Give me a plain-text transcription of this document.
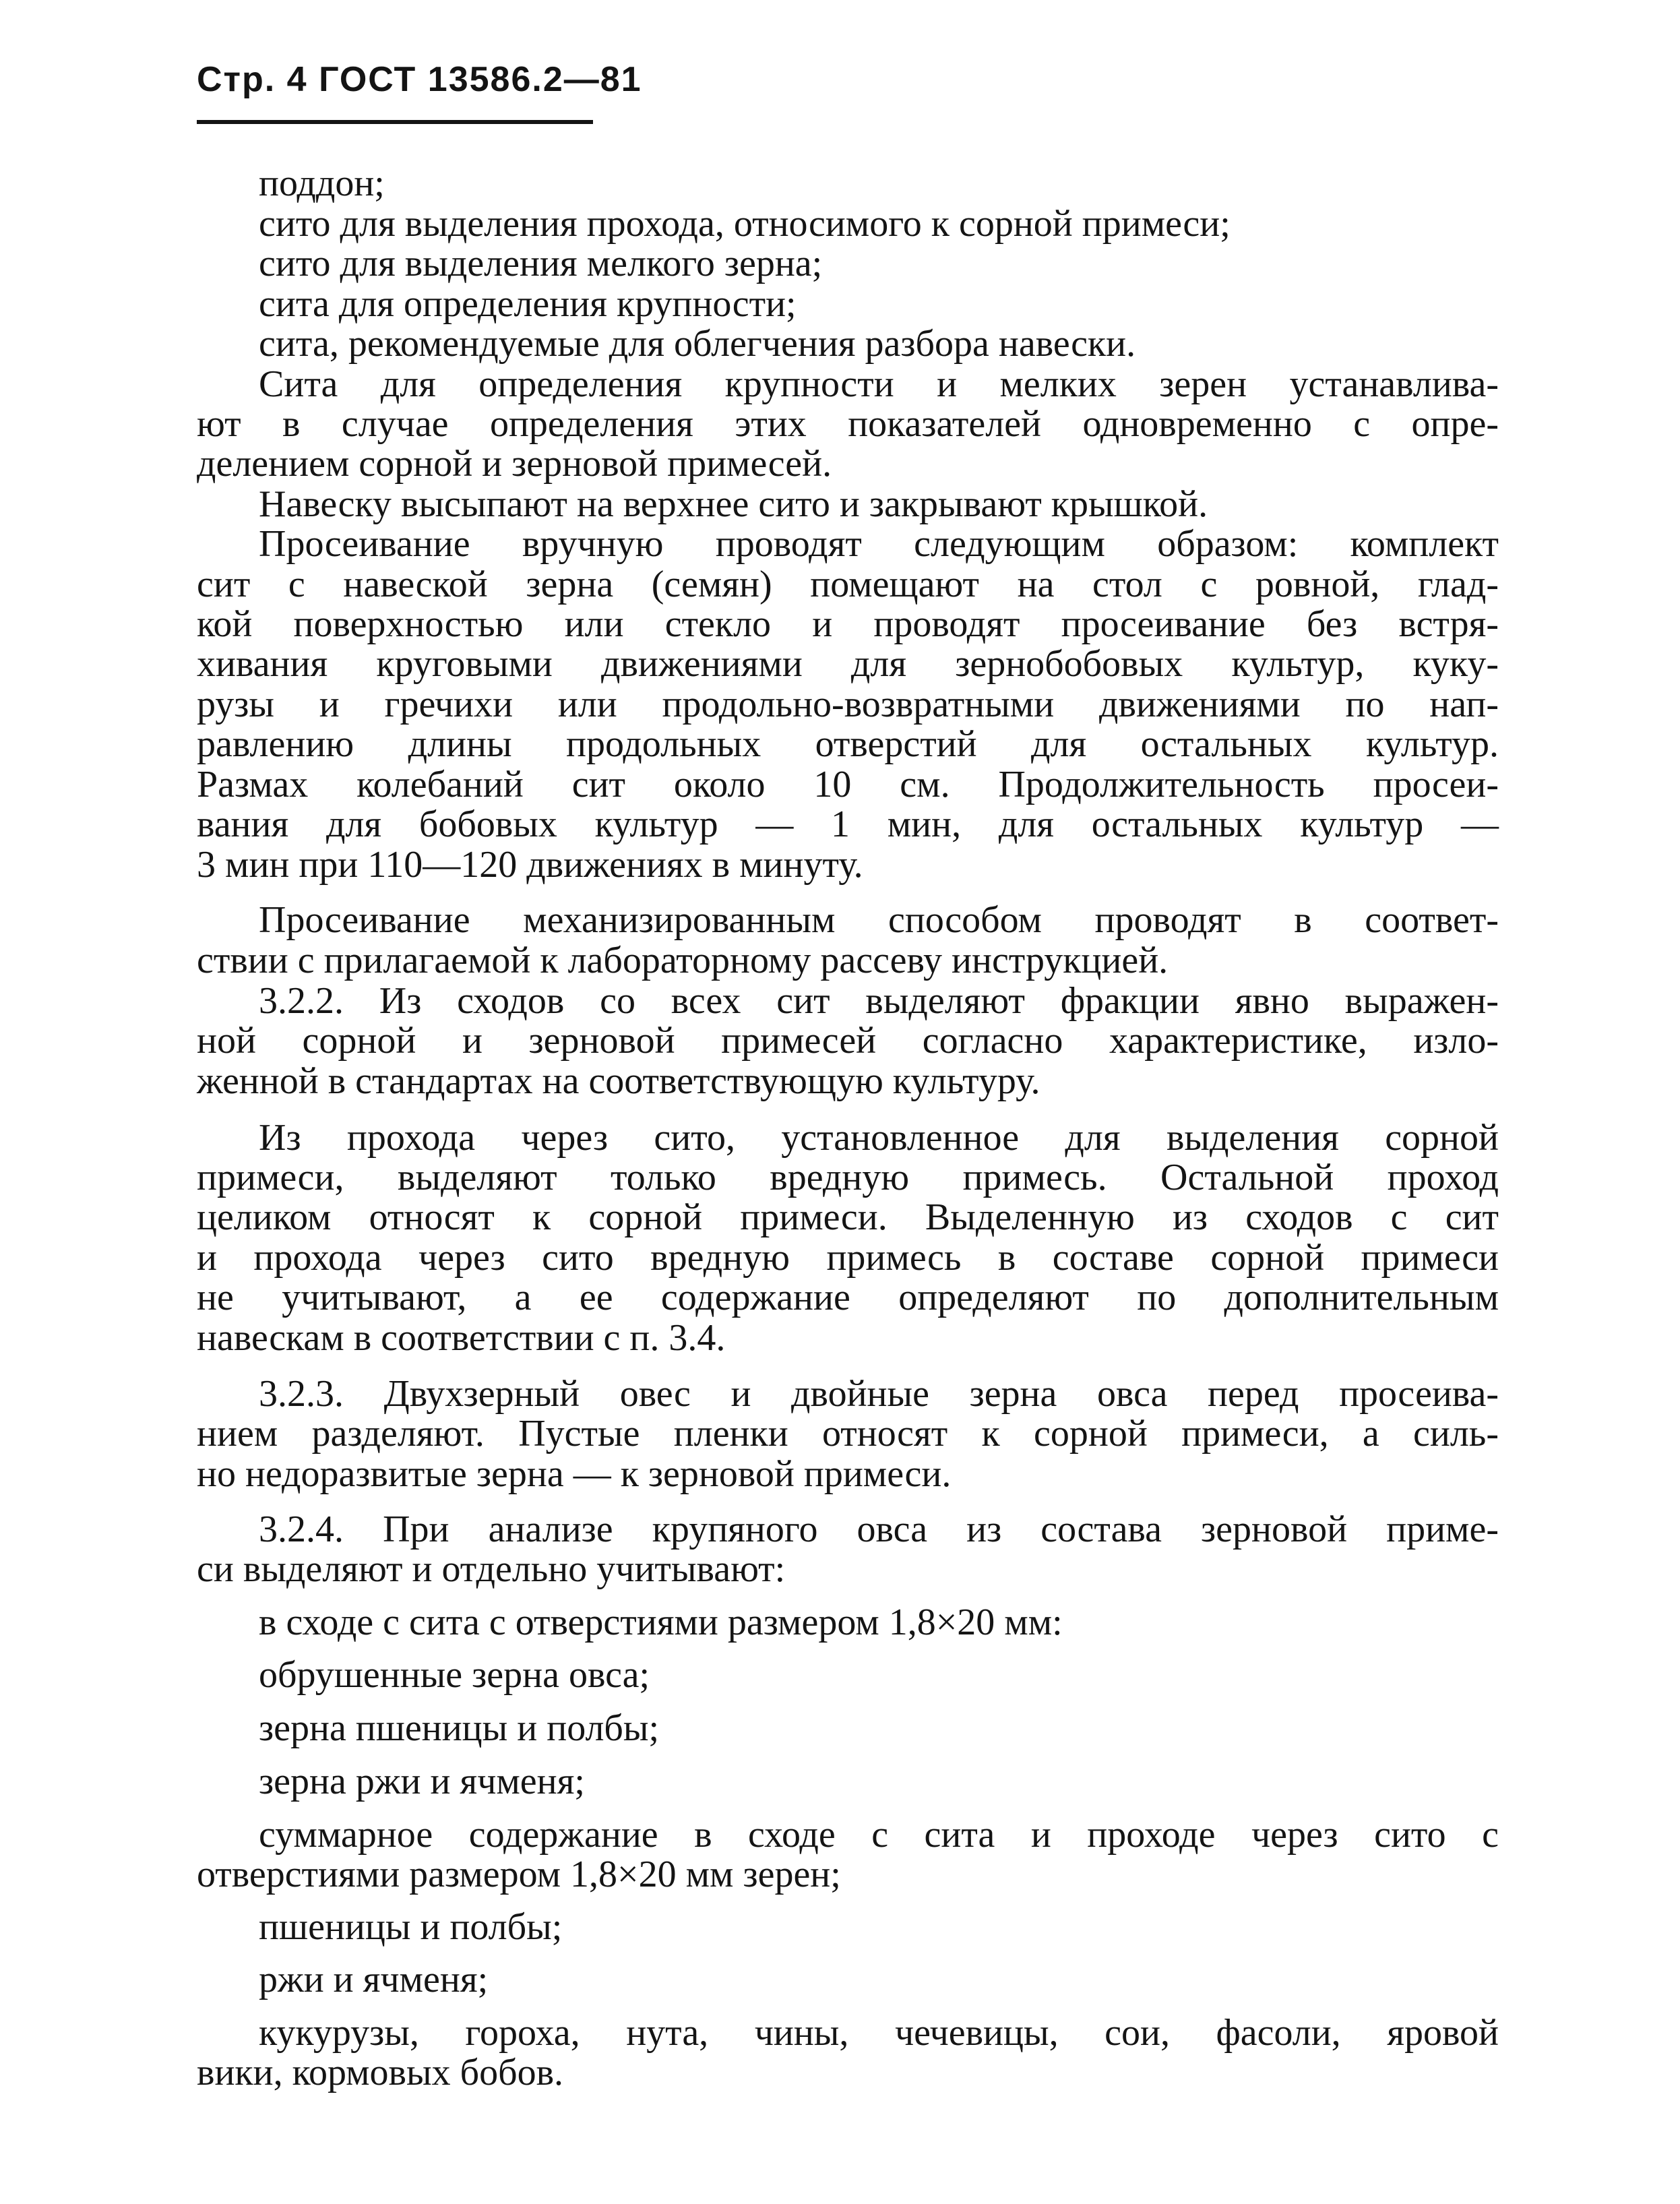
Стр. 4 ГОСТ 13586.2—81
поддон;
сито для выделения прохода, относимого к сорной примеси;
сито для выделения мелкого зерна;
сита для определения крупности;
сита, рекомендуемые для облегчения разбора навески.
Сита для определения крупности и мелких зерен устанавлива-
ют в случае определения этих показателей одновременно с опре-
делением сорной и зерновой примесей.
Навеску высыпают на верхнее сито и закрывают крышкой.
Просеивание вручную проводят следующим образом: комплект
сит с навеской зерна (семян) помещают на стол с ровной, глад-
кой поверхностью или стекло и проводят просеивание без встря-
хивания круговыми движениями для зернобобовых культур, куку-
рузы и гречихи или продольно-возвратными движениями по нап-
равлению длины продольных отверстий для остальных культур.
Размах колебаний сит около 10 см. Продолжительность просеи-
вания для бобовых культур — 1 мин, для остальных культур —
3 мин при 110—120 движениях в минуту.
Просеивание механизированным способом проводят в соответ-
ствии с прилагаемой к лабораторному рассеву инструкцией.
3.2.2. Из сходов со всех сит выделяют фракции явно выражен-
ной сорной и зерновой примесей согласно характеристике, изло-
женной в стандартах на соответствующую культуру.
Из прохода через сито, установленное для выделения сорной
примеси, выделяют только вредную примесь. Остальной проход
целиком относят к сорной примеси. Выделенную из сходов с сит
и прохода через сито вредную примесь в составе сорной примеси
не учитывают, а ее содержание определяют по дополнительным
навескам в соответствии с п. 3.4.
3.2.3. Двухзерный овес и двойные зерна овса перед просеива-
нием разделяют. Пустые пленки относят к сорной примеси, а силь-
но недоразвитые зерна — к зерновой примеси.
3.2.4. При анализе крупяного овса из состава зерновой приме-
си выделяют и отдельно учитывают:
в сходе с сита с отверстиями размером 1,8×20 мм:
обрушенные зерна овса;
зерна пшеницы и полбы;
зерна ржи и ячменя;
суммарное содержание в сходе с сита и проходе через сито с
отверстиями размером 1,8×20 мм зерен;
пшеницы и полбы;
ржи и ячменя;
кукурузы, гороха, нута, чины, чечевицы, сои, фасоли, яровой
вики, кормовых бобов.
